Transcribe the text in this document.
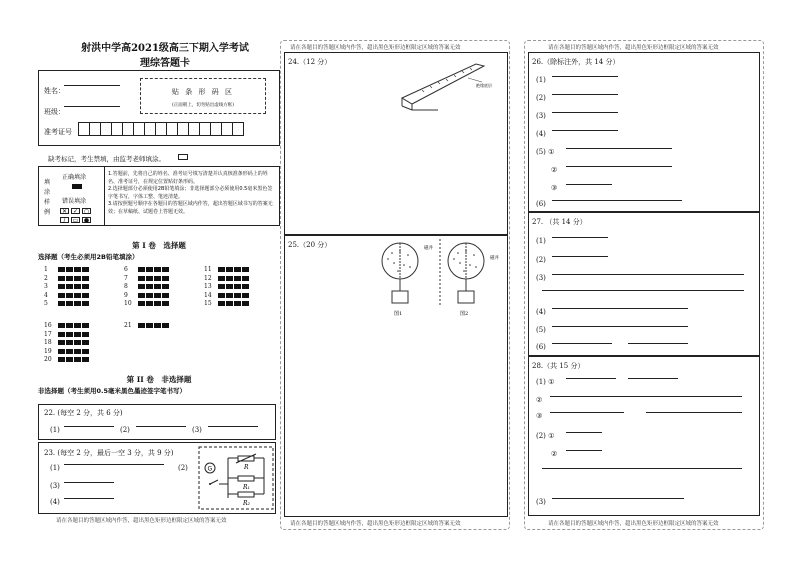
射洪中学高2021级高三下期入学考试
理综答题卡
姓名：
班级：
贴 条 形 码 区
(正面朝上，切勿贴出虚线方框)
准考证号
缺考标记，考生禁填，由监考老师填涂。
填
涂
样
例
正确填涂
错误填涂
✕ ✓ ○
/ ▭ ●
1.答题前，先将自己的姓名、准考证号填写清楚并认真核准条形码上的姓名、准考证号，在规定位置贴好条形码。
2.选择题部分必须使用2B铅笔填涂；非选择题部分必须使用0.5毫米黑色签字笔书写，字体工整、笔迹清楚。
3.请按照题号顺序在各题目的答题区域内作答，超出答题区域书写的答案无效；在草稿纸、试题卷上答题无效。
第 I 卷　选择题
选择题（考生必须用2B铅笔填涂）
1
2
3
4
5
6
7
8
9
10
11
12
13
14
15
16
17
18
19
20
21
第 II 卷　非选择题
非选择题（考生须用0.5毫米黑色墨迹签字笔书写）
22. (每空 2 分，共 6 分)
(1)	(2)	(3)
23. (每空 2 分，最后一空 3 分，共 9 分)
(1)	(2)
(3)
(4)
G	R
R₁
R₂
请在各题目的答题区域内作答，超出黑色矩形边框限定区域的答案无效
请在各题目的答题区域内作答，超出黑色矩形边框限定区域的答案无效
24.（12 分）
绝缘底层
25.（20 分）
图1	图2
磁井
磁井
请在各题目的答题区域内作答，超出黑色矩形边框限定区域的答案无效
请在各题目的答题区域内作答，超出黑色矩形边框限定区域的答案无效
26.（除标注外，共 14 分）
(1)
(2)
(3)
(4)
(5) ①
②
③
(6)
27. （共 14 分）
(1)
(2)
(3)
(4)
(5)
(6)
28.（共 15 分）
(1) ①
②
③
(2) ①
②
(3)
请在各题目的答题区域内作答，超出黑色矩形边框限定区域的答案无效
